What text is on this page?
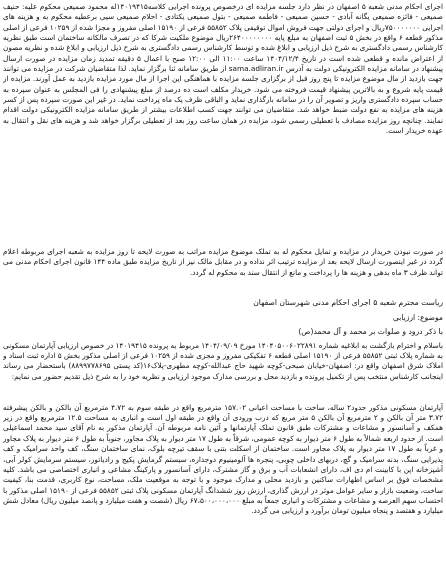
اجرای احکام مدنی شعبه ۵ اصفهان در نظر دارد جلسه مزایده ای درخصوص پرونده اجرایی کلاسه۱۴۰۱۹۴۱۵له محمود صمیعی محکوم علیه: حنیف صمیعی - فائزه صمیعی یگانه آبادی - حسین صمیعی - فاطمه صمیعی - بتول صمیعی یکتادی - احلام صمیعی سیی برعطیه محکوم به و هزینه های اجرایی ۷۵۰۰۰۰۰۰۰ریال و اجرای دولتی جهت فروش اموال توقیفی پلاک ۵۵۸۵۲ فرعی از ۱۵۱۹۰ اصلی مفروز و مجزا شده از ۱۰۲۵۹ فرعی از اصلی مذکور قطعه ۶ واقع در بخش ۵ ثبت اصفهان به مبلغ پایه ۲۶۴۰۰۰۰۰۰۰۰ریال موضوع ملکیت شرکا که در تصرف مالکانه ساختمان است طبق نظریه کارشناس رسمی دادگستری به شرح ذیل ارزیابی و ابلاغ شده و توسط کارشناس رسمی دادگستری به شرح ذیل ارزیابی و ابلاغ شده و نظریه مصون از اعتراض مانده و قطعی شده است در تاریخ ۱۴۰۴/۱۲/۴ ساعت ۱۱:۰۰ الی ۱۲:۰۰ صبح با اعمال ۵ دقیقه تمدید زمان مزایده در صورت ارسال پیشنهاد در سامانه مزایده الکترونیکی دولت به آدرس sama.adliran.ir از طریق سامانه ثنا برگزار نماید. لذا متقاضیان شرکت در مزایده می توانند جهت بازدید از مال موضوع مزایده تا پنج روز قبل از برگزاری جلسه مزایده با هماهنگی این اجرا از مال مورد مزایده بازدید به عمل آورند. مزایده از قیمت پایه شروع و به بالاترین پیشنهاد قیمت فروخته می شود. خریدار مکلف است ده درصد از مبلغ پیشنهادی را فی المجلس به عنوان سپرده به حساب سپرده دادگستری واریز و تصویر آن را در سامانه بارگذاری نماید و الباقی ظرف یک ماه پرداخت نماید. در غیر این صورت سپرده پس از کسر هزینه های مزایده به نفع دولت ضبط خواهد شد. متقاضیان می توانند جهت کسب اطلاعات بیشتر از طریق سامانه مزایده الکترونیکی دولت اقدام نمایند. چنانچه روز مزایده مصادف با تعطیلی رسمی شود، مزایده در همان ساعت روز بعد از تعطیلی برگزار خواهد شد و هزینه های نقل و انتقال به عهده خریدار است.

در صورت نبودن خریدار در مزایده و تمایل محکوم له به تملک موضوع مزایده مراتب به صورت لایحه تا روز مزایده به شعبه اجرای مربوطه اعلام گردد در غیر اینصورت ارسال لایحه بعد از مزایده ترتیب اثر نداده و در مقابل مالک نیز از تاریخ مزایده طبق ماده ۱۴۴ قانون اجرای احکام مدنی می تواند ظرف ۳ ماه بدهی و هزینه ها را پرداخت و مانع از انتقال سند به محکوم له گردد.

ریاست محترم شعبه ۵ اجرای احکام مدنی شهرستان اصفهان

موضوع: ارزیابی

با ذکر درود و صلوات بر محمد و آل محمد(ص)

باسلام و احترام بازگشت به ابلاغیه شماره ۱۴۰۴۰۵۰۰۶۰۲۲۸۹۱ مورخ ۱۴۰۴/۰۹/۰۹ مربوط به پرونده ۱۴۰۱۹۴۱۵ در خصوص ارزیابی آپارتمان مسکونی به شماره پلاک ثبتی ۵۵۸۵۲ فرعی از ۱۵۱۹۰ اصلی قطعه ۶ تفکیکی مفروز و مجزی شده از ۱۰۲۵۹ فرعی از اصلی مذکور بخش ۵ اداره ثبت اسناد و املاک شرق اصفهان واقع در: اصفهان-خیابان صبحی-کوچه شهید حاج عبدالله-کوچه مطهری-پلاک۱۶(کد پستی ۸۸۹۹۷۷۸۶۹۵) باستحضار می رساند اینجانب کارشناس منتخب پس از تکمیل پرونده و بازدید محل و بررسی مدارک موجود ارزیابی و نظریه خود را به شرح ذیل تقدیم حضور می نمایم:

آپارتمان مسکونی مذکور حدود۲ ساله، ساخت با مساحت اعیانی ۱۵۷.۰۲ مترمربع واقع در طبقه سوم به ۴.۷۲ مترمربع آن بالکن و بالکن پیشرفته ۳.۷۲ متر آن بالکن و ۲ مترمربع آن بالکن ۵ متر مربع که درب ورودی آن واقع در طبقه اول است و انباری به مساحت ۱۲.۵ مترمربع واقع در زیر همکف و آسانسور و مشاعات و مشترکات طبق قانون تملک آپارتمانها و آئین نامه مربوطه آن. آپارتمان مذکور به نام آقای سید محمد اسماعیلی است. از حدود اربعه شمالاً به طول ۶ متر دیوار به کوچه عمومی، شرقاً به طول ۱۷ متر دیوار به پلاک مجاور، جنوباً به طول ۶ متر دیوار به پلاک مجاور و غرباً به طول ۱۷ متر دیوار به پلاک مجاور است. ساختمان از اسکلت بتنی با سقف تیرچه بلوک، نمای ساختمان سنگ، کف واحد سرامیک و کف پذیرایی سنگ، بدنه سرامیک و گچ، دربهای داخلی چوبی، پنجره ها آلومینیوم دوجداره، سیستم گرمایش پکیج و رادیاتور، سیستم سرمایش کولر آبی، آشپزخانه اپن با کابینت ام دی اف، دارای انشعابات آب و برق و گاز مشترک، دارای آسانسور و پارکینگ مشاعی و انباری اختصاصی می باشد. کلیه مشخصات فوق بر اساس اظهارات ساکنین و بازدید محلی و مدارک موجود و با توجه به موقعیت ملک، مساحت، نوع کاربری، قدمت بنا، کیفیت ساخت، وضعیت بازار و سایر عوامل موثر در ارزش گذاری، ارزش روز ششدانگ آپارتمان مسکونی پلاک ثبتی ۵۵۸۵۲ فرعی از ۱۵۱۹۰ اصلی مذکور با احتساب سهم العرصه و مشاعات و مشترکات و انباری جمعاً به مبلغ ۶۷،۵۰۰،۰۰۰،۰۰۰ ریال (شصت و هفت میلیارد و پانصد میلیون ریال) معادل شش میلیارد و هفتصد و پنجاه میلیون تومان برآورد و ارزیابی می گردد.
